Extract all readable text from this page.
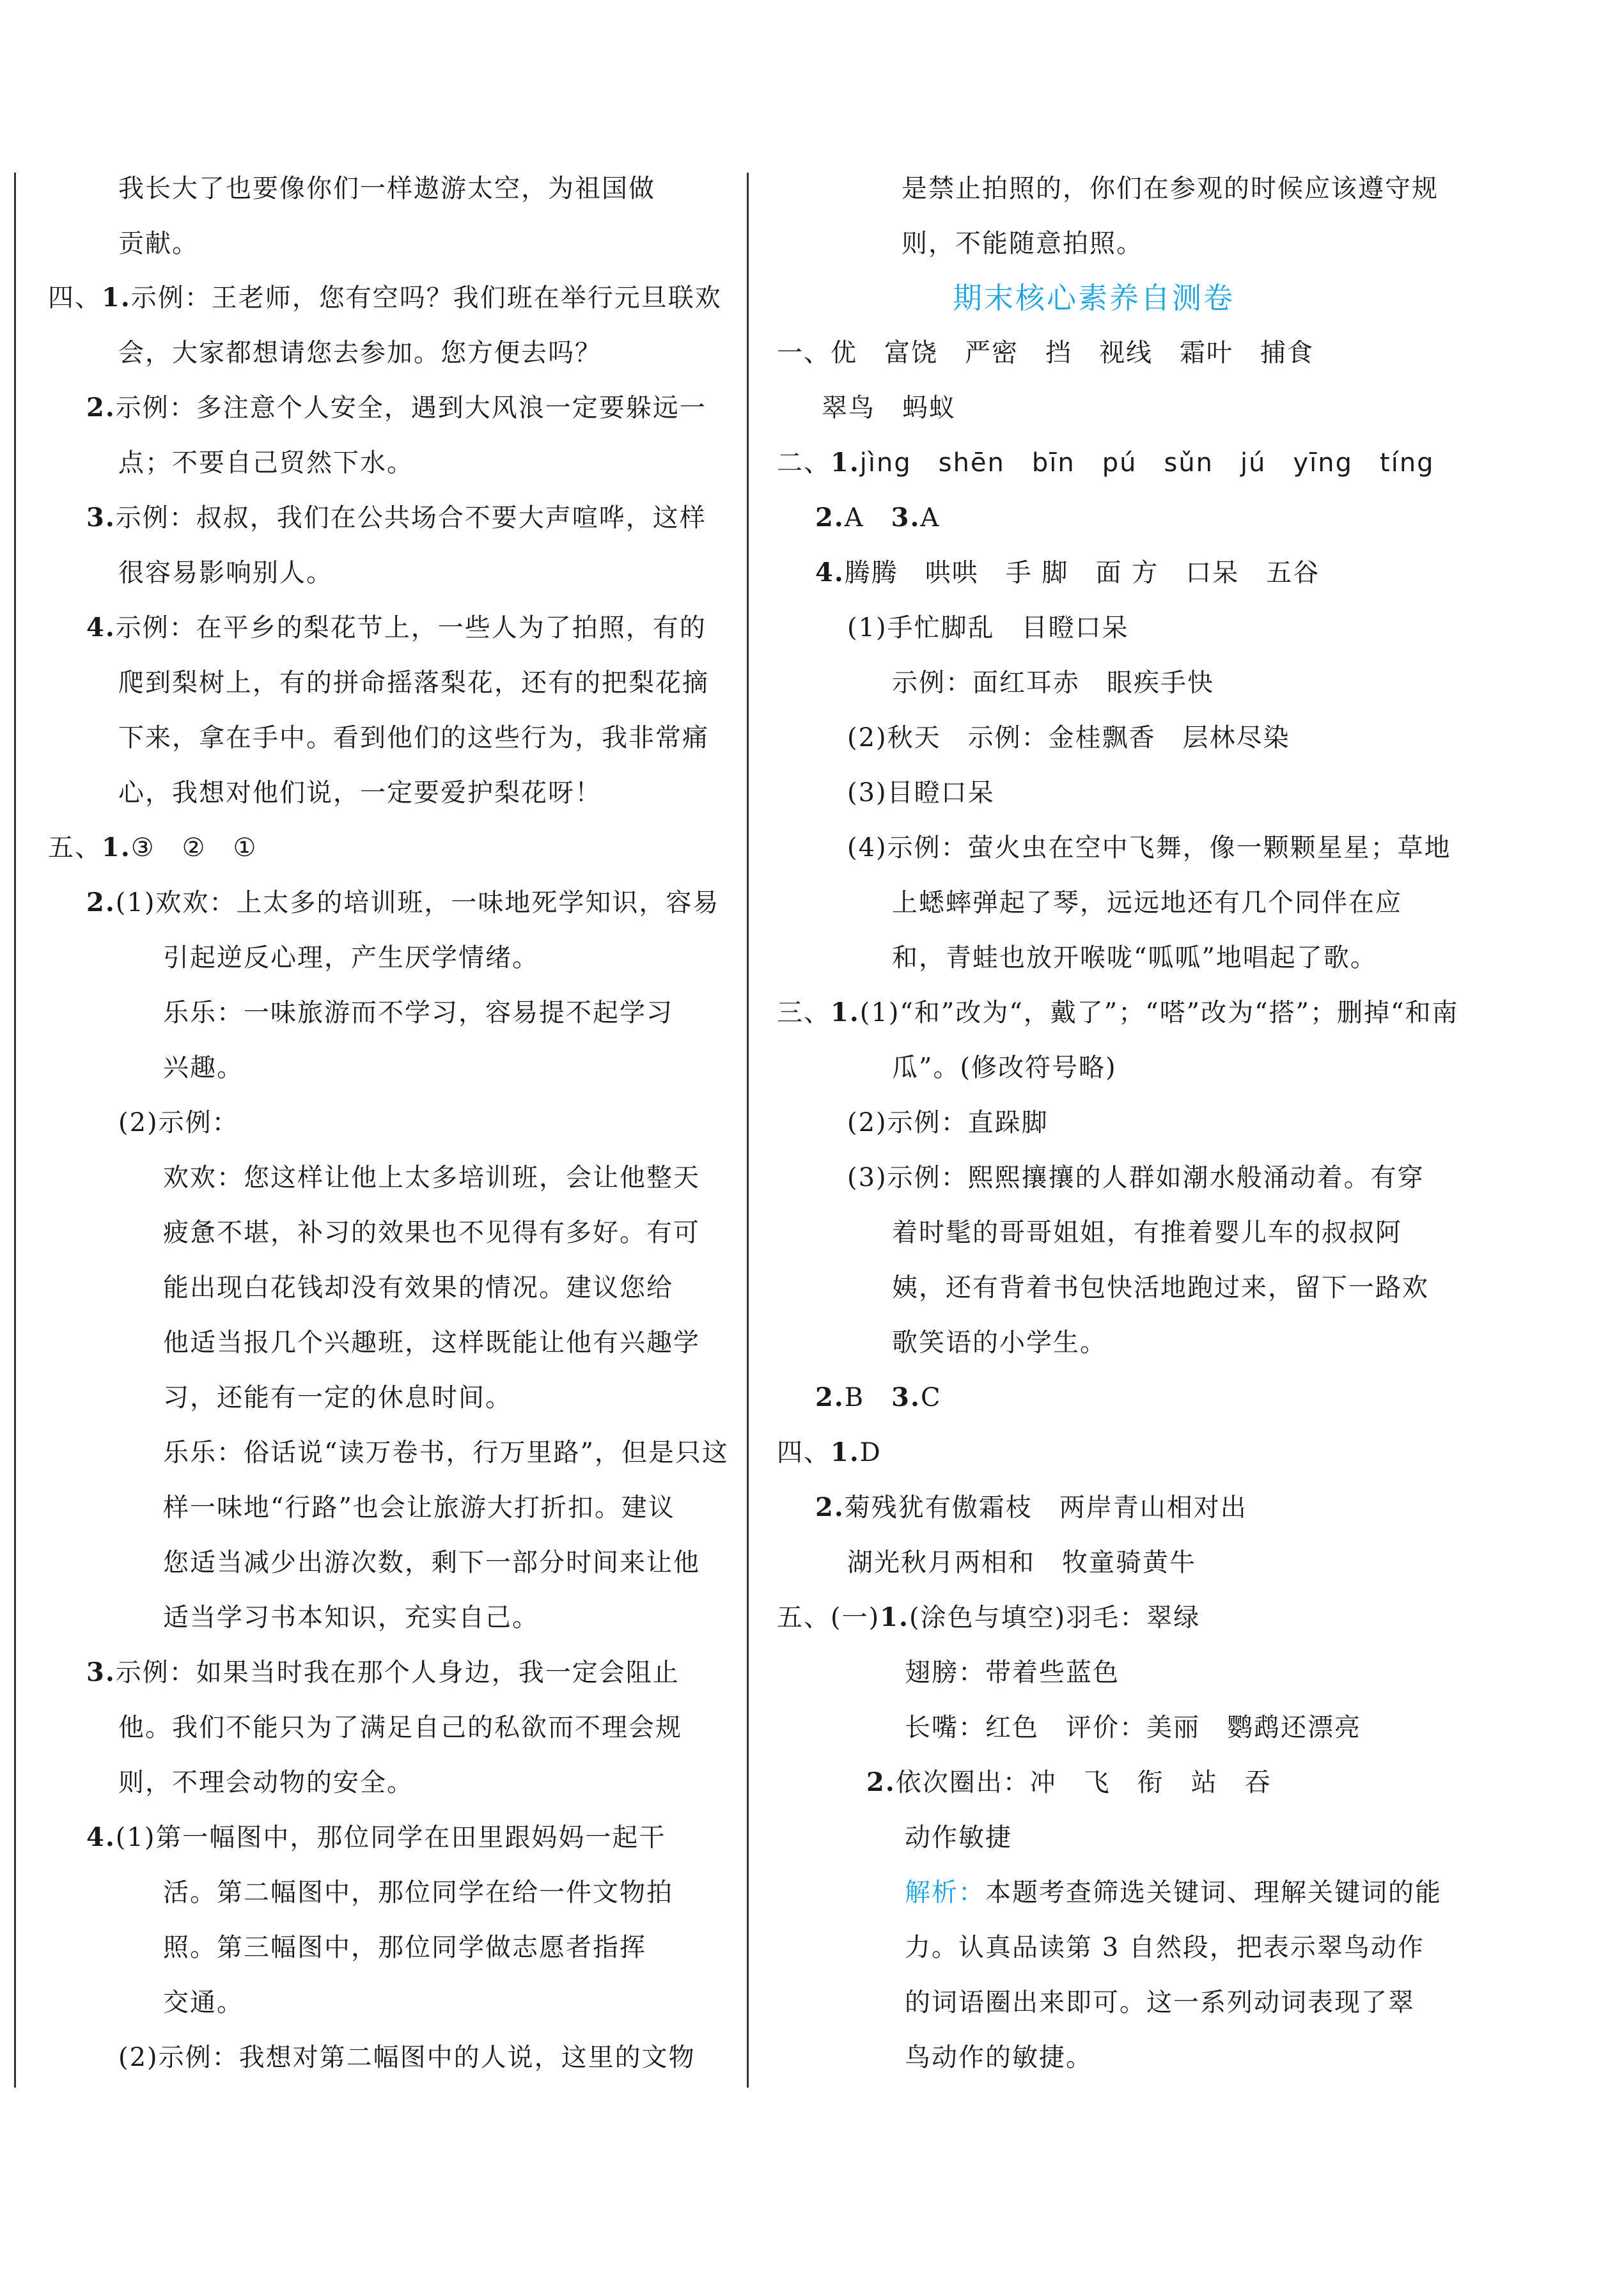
我长大了也要像你们一样遨游太空，为祖国做
贡献。
四、1.示例：王老师，您有空吗？我们班在举行元旦联欢
会，大家都想请您去参加。您方便去吗？
2.示例：多注意个人安全，遇到大风浪一定要躲远一
点；不要自己贸然下水。
3.示例：叔叔，我们在公共场合不要大声喧哗，这样
很容易影响别人。
4.示例：在平乡的梨花节上，一些人为了拍照，有的
爬到梨树上，有的拼命摇落梨花，还有的把梨花摘
下来，拿在手中。看到他们的这些行为，我非常痛
心，我想对他们说，一定要爱护梨花呀！
五、1.③　②　①
2.(1)欢欢：上太多的培训班，一味地死学知识，容易
引起逆反心理，产生厌学情绪。
乐乐：一味旅游而不学习，容易提不起学习
兴趣。
(2)示例：
欢欢：您这样让他上太多培训班，会让他整天
疲惫不堪，补习的效果也不见得有多好。有可
能出现白花钱却没有效果的情况。建议您给
他适当报几个兴趣班，这样既能让他有兴趣学
习，还能有一定的休息时间。
乐乐：俗话说“读万卷书，行万里路”，但是只这
样一味地“行路”也会让旅游大打折扣。建议
您适当减少出游次数，剩下一部分时间来让他
适当学习书本知识，充实自己。
3.示例：如果当时我在那个人身边，我一定会阻止
他。我们不能只为了满足自己的私欲而不理会规
则，不理会动物的安全。
4.(1)第一幅图中，那位同学在田里跟妈妈一起干
活。第二幅图中，那位同学在给一件文物拍
照。第三幅图中，那位同学做志愿者指挥
交通。
(2)示例：我想对第二幅图中的人说，这里的文物
是禁止拍照的，你们在参观的时候应该遵守规
则，不能随意拍照。
期末核心素养自测卷
一、优　富饶　严密　挡　视线　霜叶　捕食
翠鸟　蚂蚁
二、1.jìng　shēn　bīn　pú　sǔn　jú　yīng　tíng
2.A　3.A
4.腾腾　哄哄　手 脚　面 方　口呆　五谷
(1)手忙脚乱　目瞪口呆
示例：面红耳赤　眼疾手快
(2)秋天　示例：金桂飘香　层林尽染
(3)目瞪口呆
(4)示例：萤火虫在空中飞舞，像一颗颗星星；草地
上蟋蟀弹起了琴，远远地还有几个同伴在应
和，青蛙也放开喉咙“呱呱”地唱起了歌。
三、1.(1)“和”改为“，戴了”；“嗒”改为“搭”；删掉“和南
瓜”。(修改符号略)
(2)示例：直跺脚
(3)示例：熙熙攘攘的人群如潮水般涌动着。有穿
着时髦的哥哥姐姐，有推着婴儿车的叔叔阿
姨，还有背着书包快活地跑过来，留下一路欢
歌笑语的小学生。
2.B　3.C
四、1.D
2.菊残犹有傲霜枝　两岸青山相对出
湖光秋月两相和　牧童骑黄牛
五、(一)1.(涂色与填空)羽毛：翠绿
翅膀：带着些蓝色
长嘴：红色　评价：美丽　鹦鹉还漂亮
2.依次圈出：冲　飞　衔　站　吞
动作敏捷
解析：本题考查筛选关键词、理解关键词的能
力。认真品读第 3 自然段，把表示翠鸟动作
的词语圈出来即可。这一系列动词表现了翠
鸟动作的敏捷。
